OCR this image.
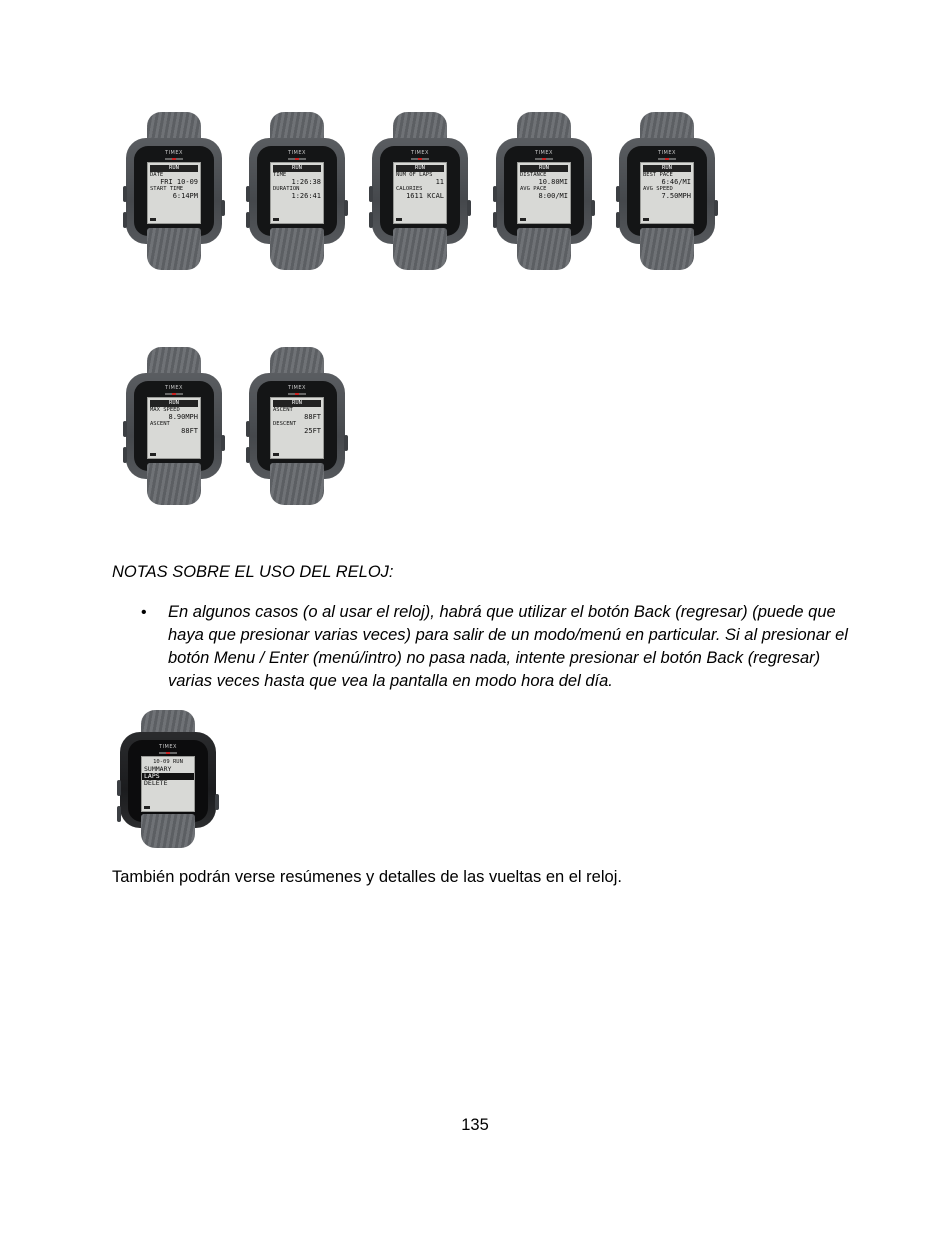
TIMEX
RUN
DATE
FRI 10-09
START TIME
6:14PM
TIMEX
RUN
TIME
1:26:38
DURATION
1:26:41
TIMEX
RUN
NUM OF LAPS
11
CALORIES
1611 KCAL
TIMEX
RUN
DISTANCE
10.80MI
AVG PACE
8:00/MI
TIMEX
RUN
BEST PACE
6:46/MI
AVG SPEED
7.50MPH
TIMEX
RUN
MAX SPEED
8.90MPH
ASCENT
88FT
TIMEX
RUN
ASCENT
88FT
DESCENT
25FT
NOTAS SOBRE EL USO DEL RELOJ:
• En algunos casos (o al usar el reloj), habrá que utilizar el botón Back (regresar) (puede que haya que presionar varias veces) para salir de un modo/menú en particular. Si al presionar el botón Menu / Enter (menú/intro) no pasa nada, intente presionar el botón Back (regresar) varias veces hasta que vea la pantalla en modo hora del día.

TIMEX
10-09 RUN
SUMMARY
LAPS
DELETE

También podrán verse resúmenes y detalles de las vueltas en el reloj.

135
